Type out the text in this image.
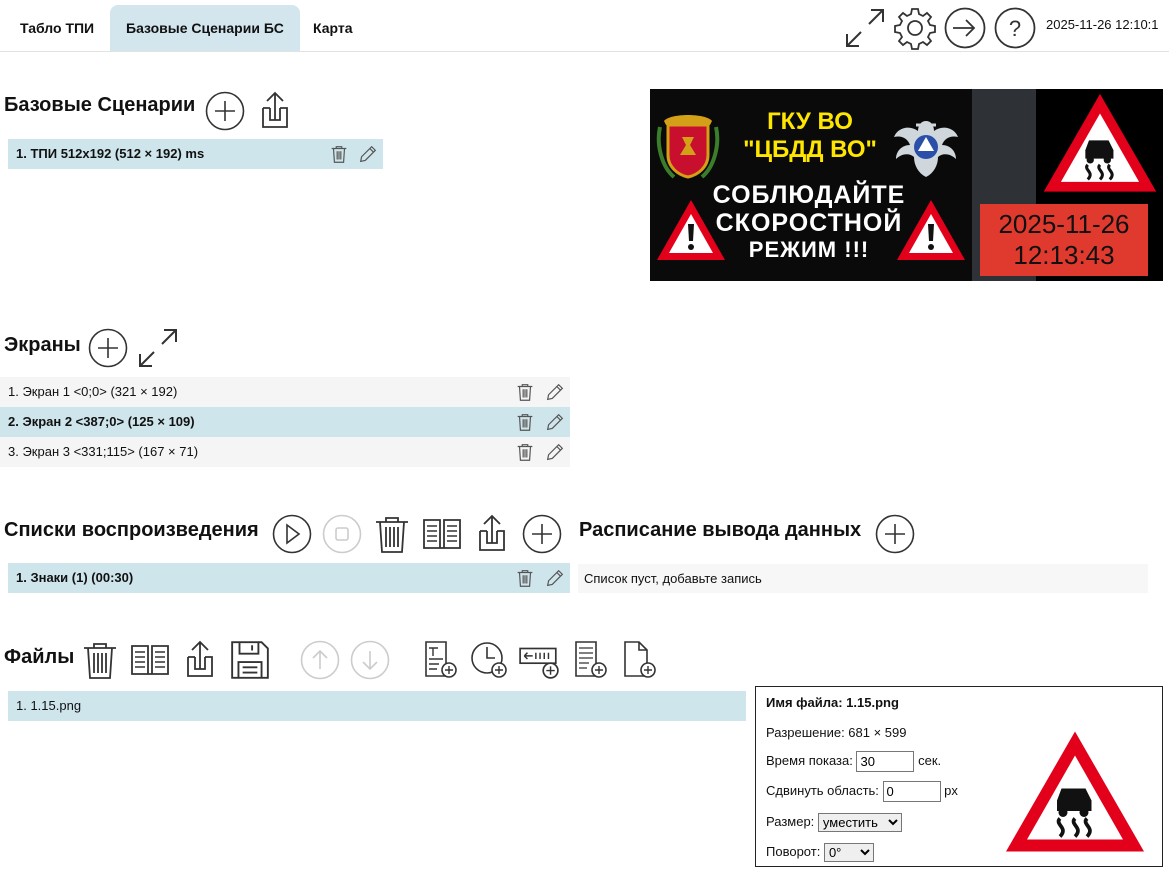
Табло ТПИ	Базовые Сценарии БС	Карта	? 2025-11-26 12:10:1
Базовые Сценарии
1. ТПИ 512x192 (512 × 192) ms
ГКУ ВО
"ЦБДД ВО"
СОБЛЮДАЙТЕ
СКОРОСТНОЙ
РЕЖИМ !!!
2025-11-26
12:13:43
Экраны
1. Экран 1 <0;0> (321 × 192)
2. Экран 2 <387;0> (125 × 109)
3. Экран 3 <331;115> (167 × 71)
Списки воспроизведения
1. Знаки (1) (00:30)
Расписание вывода данных
Список пуст, добавьте запись
Файлы
1. 1.15.png	Имя файла: 1.15.png
Разрешение: 681 × 599
Время показа: 30	сек.
Сдвинуть область: 0	px
Размер:
уместить
Поворот:
0°
